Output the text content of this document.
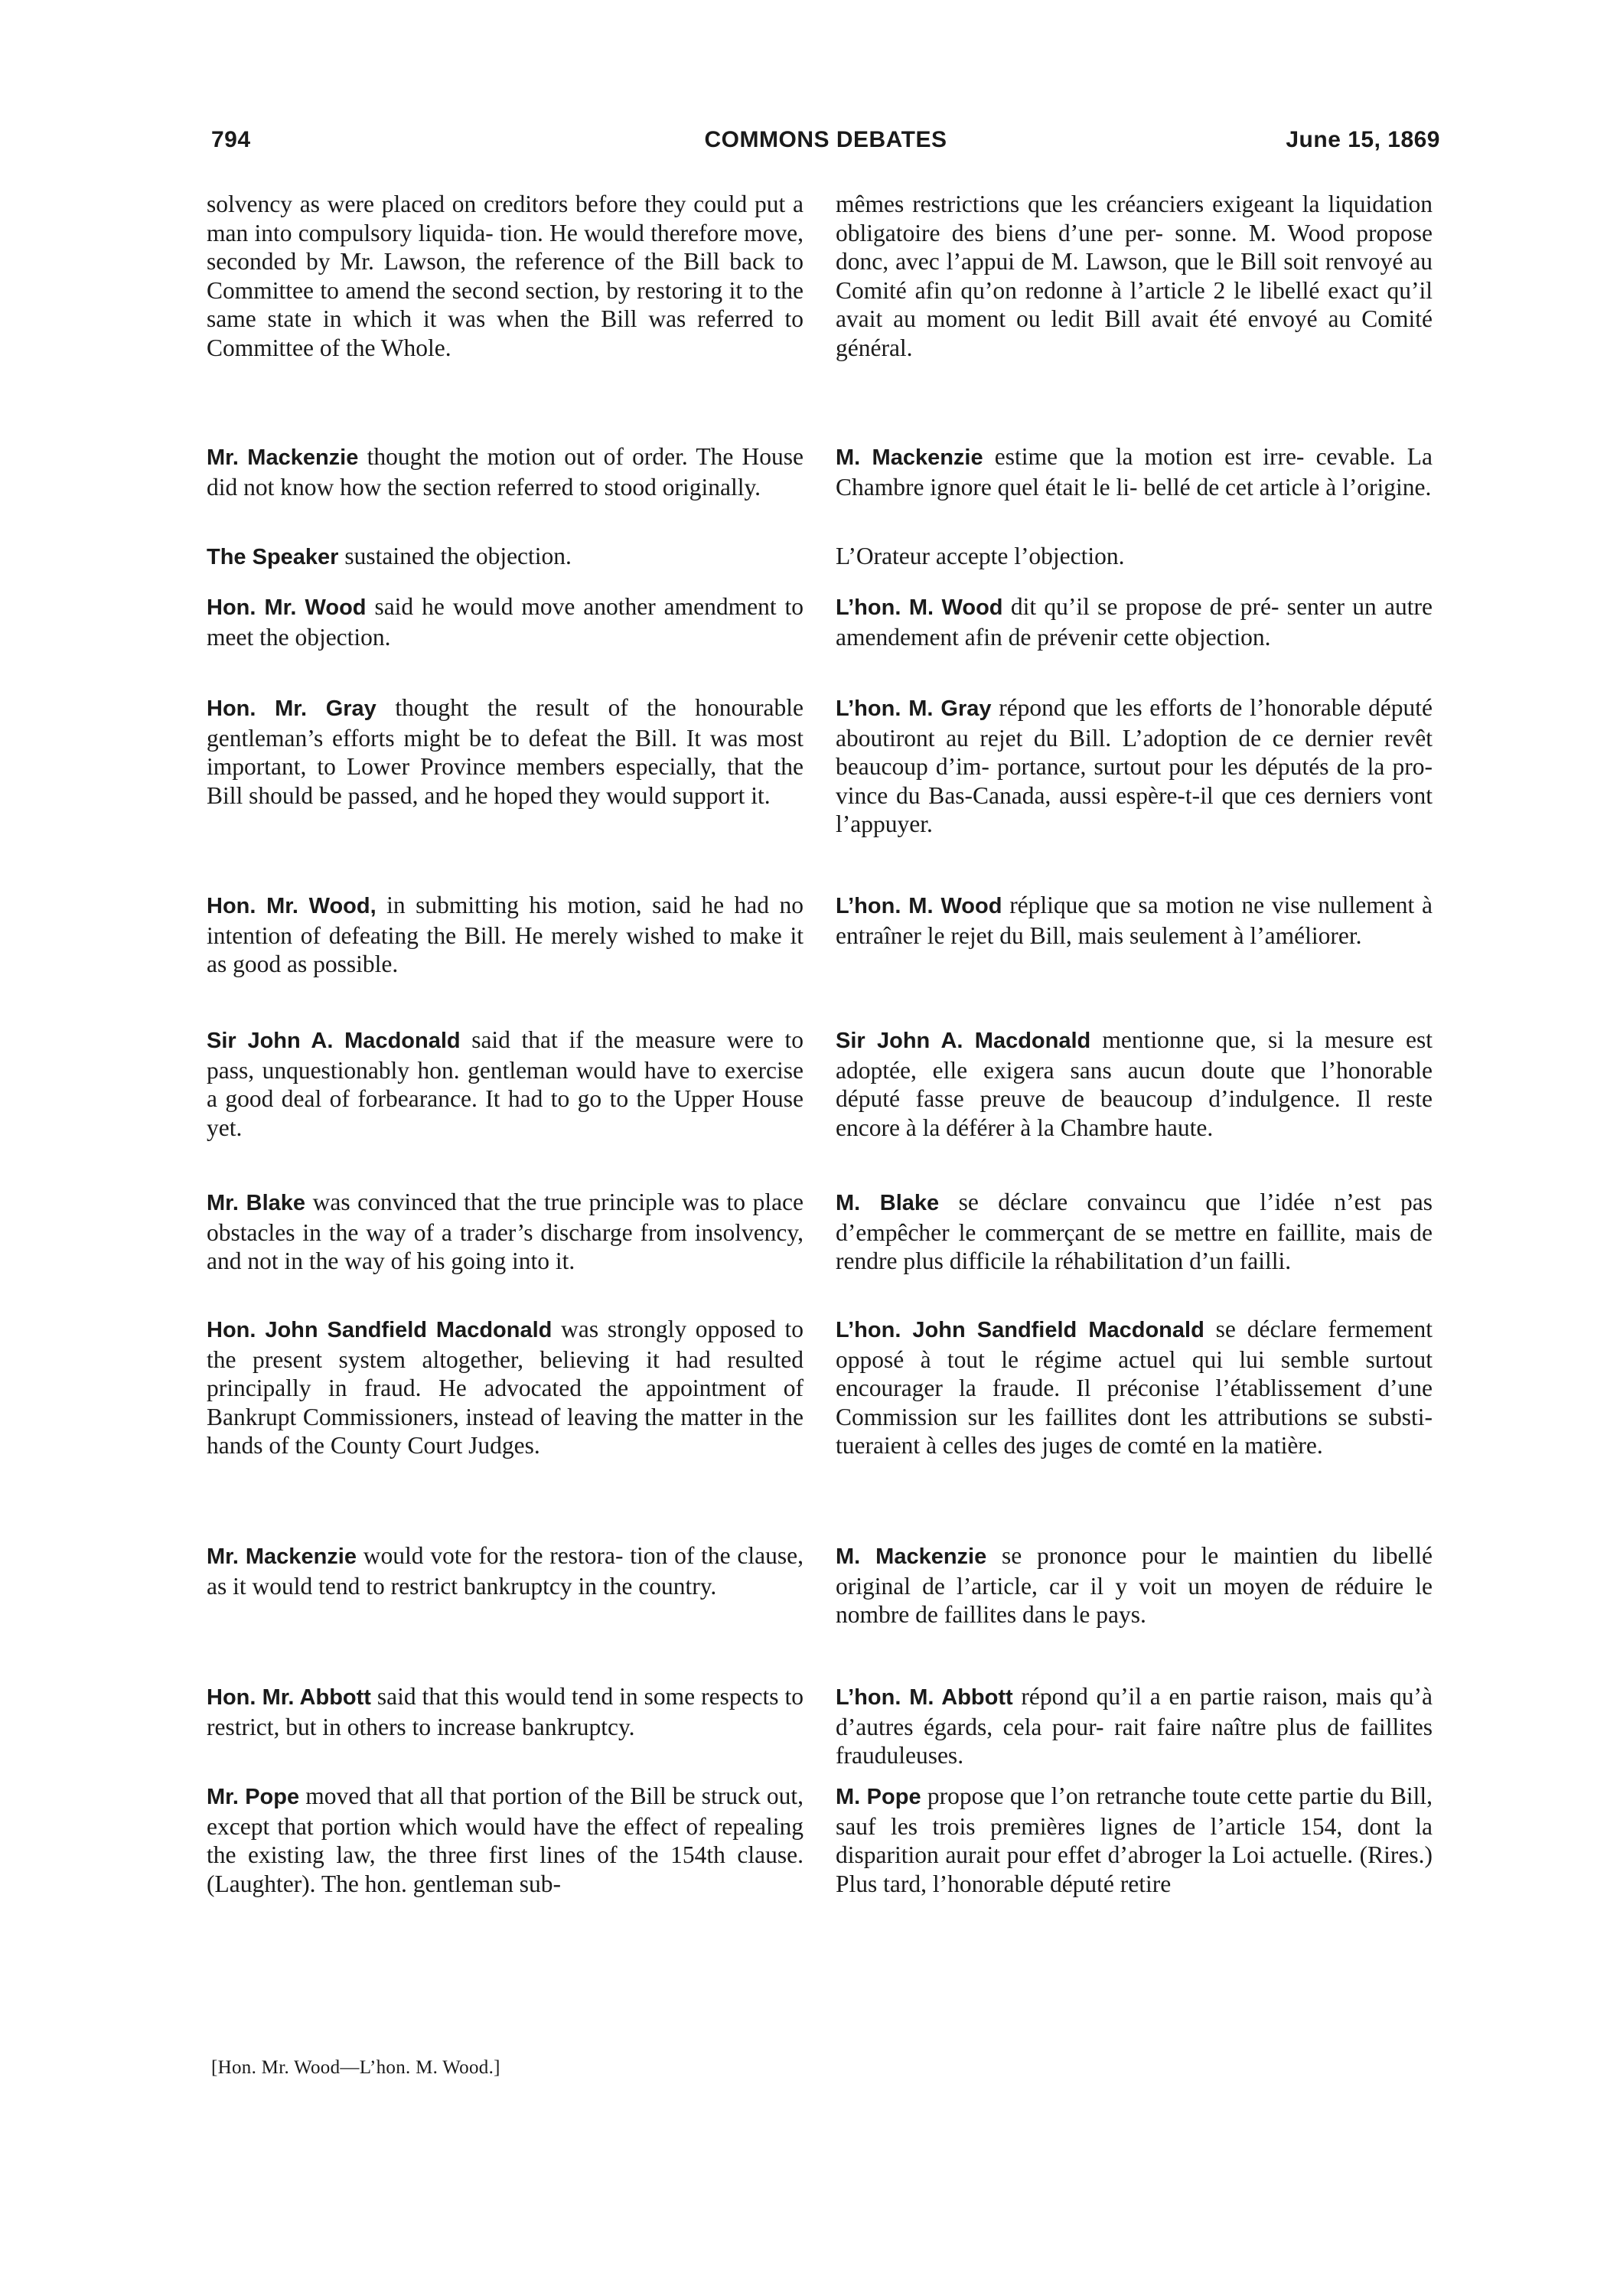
794	COMMONS DEBATES	June 15, 1869

solvency as were placed on creditors before they could put a man into compulsory liquida- tion. He would therefore move, seconded by Mr. Lawson, the reference of the Bill back to Committee to amend the second section, by restoring it to the same state in which it was when the Bill was referred to Committee of the Whole.

Mr. Mackenzie thought the motion out of order. The House did not know how the section referred to stood originally.

The Speaker sustained the objection.

Hon. Mr. Wood said he would move another amendment to meet the objection.

Hon. Mr. Gray thought the result of the honourable gentleman’s efforts might be to defeat the Bill. It was most important, to Lower Province members especially, that the Bill should be passed, and he hoped they would support it.

Hon. Mr. Wood, in submitting his motion, said he had no intention of defeating the Bill. He merely wished to make it as good as possible.

Sir John A. Macdonald said that if the measure were to pass, unquestionably hon. gentleman would have to exercise a good deal of forbearance. It had to go to the Upper House yet.

Mr. Blake was convinced that the true principle was to place obstacles in the way of a trader’s discharge from insolvency, and not in the way of his going into it.

Hon. John Sandfield Macdonald was strongly opposed to the present system altogether, believing it had resulted principally in fraud. He advocated the appointment of Bankrupt Commissioners, instead of leaving the matter in the hands of the County Court Judges.

Mr. Mackenzie would vote for the restora- tion of the clause, as it would tend to restrict bankruptcy in the country.

Hon. Mr. Abbott said that this would tend in some respects to restrict, but in others to increase bankruptcy.

Mr. Pope moved that all that portion of the Bill be struck out, except that portion which would have the effect of repealing the existing law, the three first lines of the 154th clause. (Laughter). The hon. gentleman sub-

mêmes restrictions que les créanciers exigeant la liquidation obligatoire des biens d’une per- sonne. M. Wood propose donc, avec l’appui de M. Lawson, que le Bill soit renvoyé au Comité afin qu’on redonne à l’article 2 le libellé exact qu’il avait au moment ou ledit Bill avait été envoyé au Comité général.

M. Mackenzie estime que la motion est irre- cevable. La Chambre ignore quel était le li- bellé de cet article à l’origine.

L’Orateur accepte l’objection.

L’hon. M. Wood dit qu’il se propose de pré- senter un autre amendement afin de prévenir cette objection.

L’hon. M. Gray répond que les efforts de l’honorable député aboutiront au rejet du Bill. L’adoption de ce dernier revêt beaucoup d’im- portance, surtout pour les députés de la pro- vince du Bas-Canada, aussi espère-t-il que ces derniers vont l’appuyer.

L’hon. M. Wood réplique que sa motion ne vise nullement à entraîner le rejet du Bill, mais seulement à l’améliorer.

Sir John A. Macdonald mentionne que, si la mesure est adoptée, elle exigera sans aucun doute que l’honorable député fasse preuve de beaucoup d’indulgence. Il reste encore à la déférer à la Chambre haute.

M. Blake se déclare convaincu que l’idée n’est pas d’empêcher le commerçant de se mettre en faillite, mais de rendre plus difficile la réhabilitation d’un failli.

L’hon. John Sandfield Macdonald se déclare fermement opposé à tout le régime actuel qui lui semble surtout encourager la fraude. Il préconise l’établissement d’une Commission sur les faillites dont les attributions se substi- tueraient à celles des juges de comté en la matière.

M. Mackenzie se prononce pour le maintien du libellé original de l’article, car il y voit un moyen de réduire le nombre de faillites dans le pays.

L’hon. M. Abbott répond qu’il a en partie raison, mais qu’à d’autres égards, cela pour- rait faire naître plus de faillites frauduleuses.

M. Pope propose que l’on retranche toute cette partie du Bill, sauf les trois premières lignes de l’article 154, dont la disparition aurait pour effet d’abroger la Loi actuelle. (Rires.) Plus tard, l’honorable député retire

[Hon. Mr. Wood—L’hon. M. Wood.]
